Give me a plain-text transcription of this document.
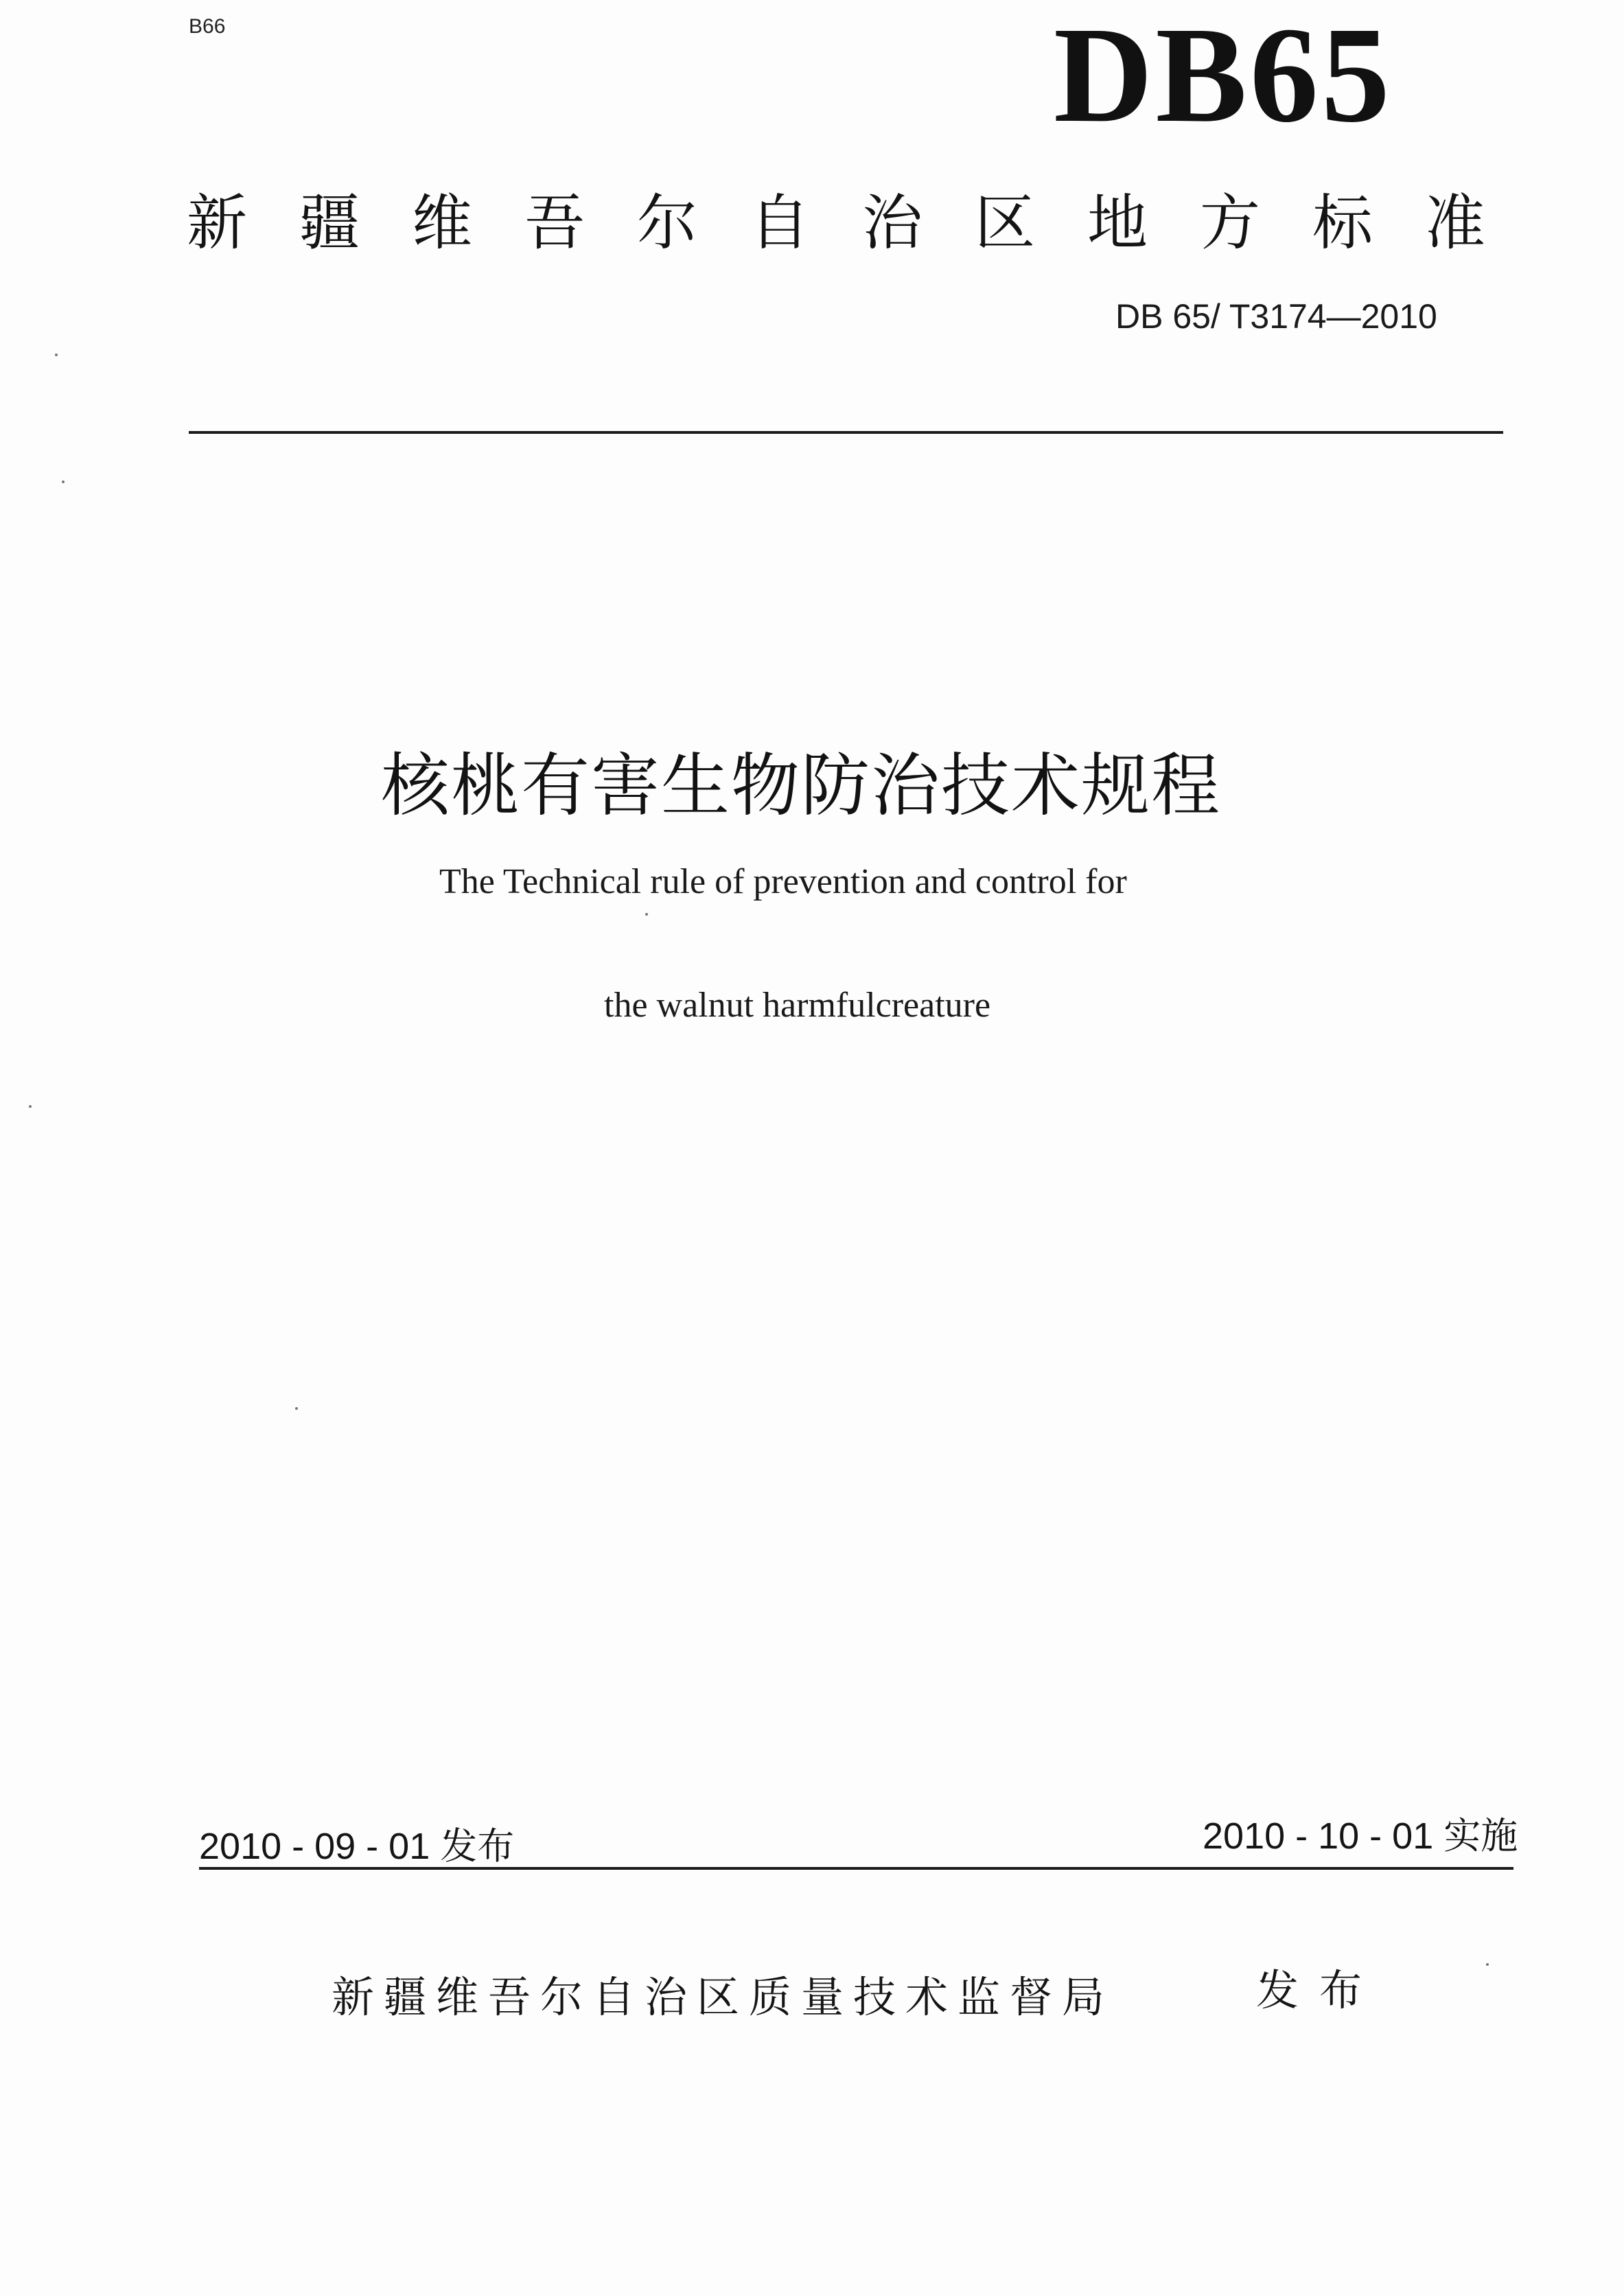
B66	DB65
新疆维吾尔自治区地方标准
DB 65/ T3174—2010
核桃有害生物防治技术规程
The Technical rule of prevention and control for
the walnut harmfulcreature
2010 - 09 - 01 发布	2010 - 10 - 01 实施
新疆维吾尔自治区质量技术监督局	发布
